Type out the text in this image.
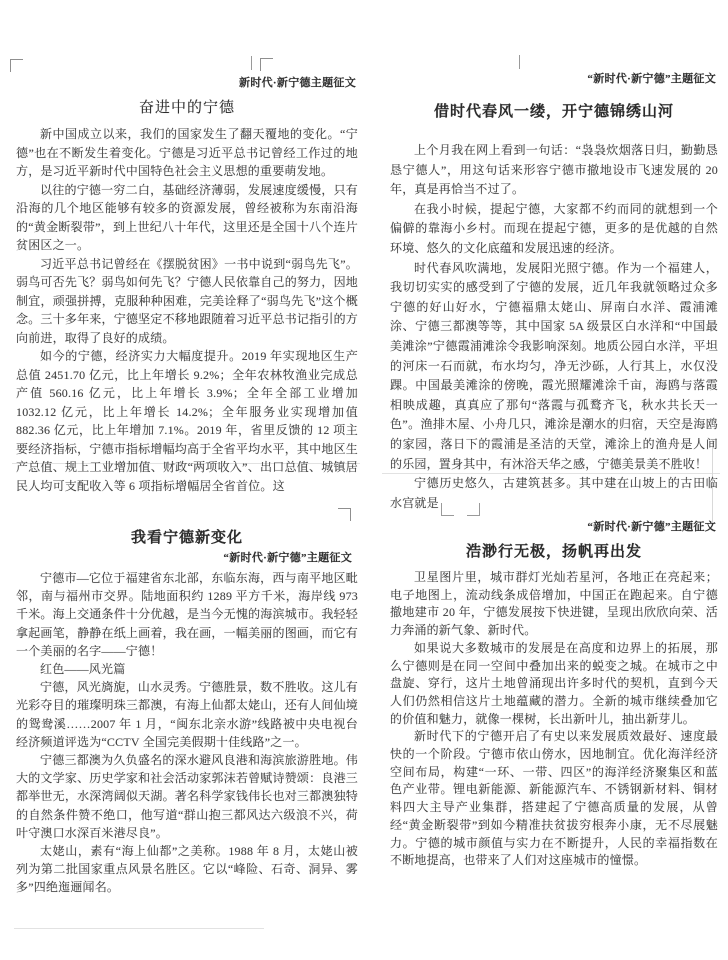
新时代·新宁德主题征文
奋进中的宁德

新中国成立以来，我们的国家发生了翻天覆地的变化。“宁德”也在不断发生着变化。宁德是习近平总书记曾经工作过的地方，是习近平新时代中国特色社会主义思想的重要萌发地。

以往的宁德一穷二白，基础经济薄弱，发展速度缓慢，只有沿海的几个地区能够有较多的资源发展，曾经被称为东南沿海的“黄金断裂带”，到上世纪八十年代，这里还是全国十八个连片贫困区之一。

习近平总书记曾经在《摆脱贫困》一书中说到“弱鸟先飞”。弱鸟可否先飞？弱鸟如何先飞？宁德人民依靠自己的努力，因地制宜，顽强拼搏，克服种种困难，完美诠释了“弱鸟先飞”这个概念。三十多年来，宁德坚定不移地跟随着习近平总书记指引的方向前进，取得了良好的成绩。

如今的宁德，经济实力大幅度提升。2019 年实现地区生产总值 2451.70 亿元，比上年增长 9.2%；全年农林牧渔业完成总产值 560.16 亿元，比上年增长 3.9%；全年全部工业增加 1032.12 亿元，比上年增长 14.2%；全年服务业实现增加值 882.36 亿元，比上年增加 7.1%。2019 年，省里反馈的 12 项主要经济指标，宁德市指标增幅均高于全省平均水平，其中地区生产总值、规上工业增加值、财政“两项收入”、出口总值、城镇居民人均可支配收入等 6 项指标增幅居全省首位。这

“新时代·新宁德”主题征文
借时代春风一缕，开宁德锦绣山河

上个月我在网上看到一句话：“袅袅炊烟落日归，勤勤恳恳宁德人”，用这句话来形容宁德市撤地设市飞速发展的 20 年，真是再恰当不过了。

在我小时候，提起宁德，大家都不约而同的就想到一个偏僻的靠海小乡村。而现在提起宁德，更多的是优越的自然环境、悠久的文化底蕴和发展迅速的经济。

时代春风吹满地，发展阳光照宁德。作为一个福建人，我切切实实的感受到了宁德的发展，近几年我就领略过众多宁德的好山好水，宁德福鼎太姥山、屏南白水洋、霞浦滩涂、宁德三都澳等等，其中国家 5A 级景区白水洋和“中国最美滩涂”宁德霞浦滩涂令我影响深刻。地质公园白水洋，平坦的河床一石而就，布水均匀，净无沙砾，人行其上，水仅没踝。中国最美滩涂的傍晚，霞光照耀滩涂千亩，海鸥与落霞相映成趣，真真应了那句“落霞与孤鹜齐飞，秋水共长天一色”。渔排木屋、小舟几只，滩涂是潮水的归宿，天空是海鸥的家园，落日下的霞浦是圣洁的天堂，滩涂上的渔舟是人间的乐园，置身其中，有沐浴天华之感，宁德美景美不胜收！

宁德历史悠久，古建筑甚多。其中建在山坡上的古田临水宫就是

我看宁德新变化
“新时代·新宁德”主题征文

宁德市—它位于福建省东北部，东临东海，西与南平地区毗邻，南与福州市交界。陆地面积约 1289 平方千米，海岸线 973 千米。海上交通条件十分优越，是当今无愧的海滨城市。我轻轻拿起画笔，静静在纸上画着，我在画，一幅美丽的图画，而它有一个美丽的名字——宁德！

红色——风光篇

宁德，风光旖旎，山水灵秀。宁德胜景，数不胜收。这儿有光彩夺目的璀璨明珠三都澳，有海上仙都太姥山，还有人间仙境的鸳鸯溪……2007 年 1 月，“闽东北亲水游”线路被中央电视台经济频道评选为“CCTV 全国完美假期十佳线路”之一。

宁德三都澳为久负盛名的深水避风良港和海滨旅游胜地。伟大的文学家、历史学家和社会活动家郭沫若曾赋诗赞颂：良港三都举世无，水深湾阔似天湖。著名科学家钱伟长也对三都澳独特的自然条件赞不绝口，他写道“群山抱三都风达六级浪不兴，荷叶守澳口水深百米港尽良”。

太姥山，素有“海上仙都”之美称。1988 年 8 月，太姥山被列为第二批国家重点风景名胜区。它以“峰险、石奇、洞异、雾多”四绝迤逦闻名。

“新时代·新宁德”主题征文
浩渺行无极，扬帆再出发

卫星图片里，城市群灯光灿若星河，各地正在亮起来；电子地图上，流动线条成倍增加，中国正在跑起来。自宁德撤地建市 20 年，宁德发展按下快进键，呈现出欣欣向荣、活力奔涌的新气象、新时代。

如果说大多数城市的发展是在高度和边界上的拓展，那么宁德则是在同一空间中叠加出来的蜕变之城。在城市之中盘旋、穿行，这片土地曾涌现出许多时代的契机，直到今天人们仍然相信这片土地蕴藏的潜力。全新的城市继续叠加它的价值和魅力，就像一棵树，长出新叶儿，抽出新芽儿。

新时代下的宁德开启了有史以来发展质效最好、速度最快的一个阶段。宁德市依山傍水，因地制宜。优化海洋经济空间布局，构建“一环、一带、四区”的海洋经济聚集区和蓝色产业带。锂电新能源、新能源汽车、不锈钢新材料、铜材料四大主导产业集群，搭建起了宁德高质量的发展，从曾经“黄金断裂带”到如今精准扶贫拔穷根奔小康，无不尽展魅力。宁德的城市颜值与实力在不断提升，人民的幸福指数在不断地提高，也带来了人们对这座城市的憧憬。
